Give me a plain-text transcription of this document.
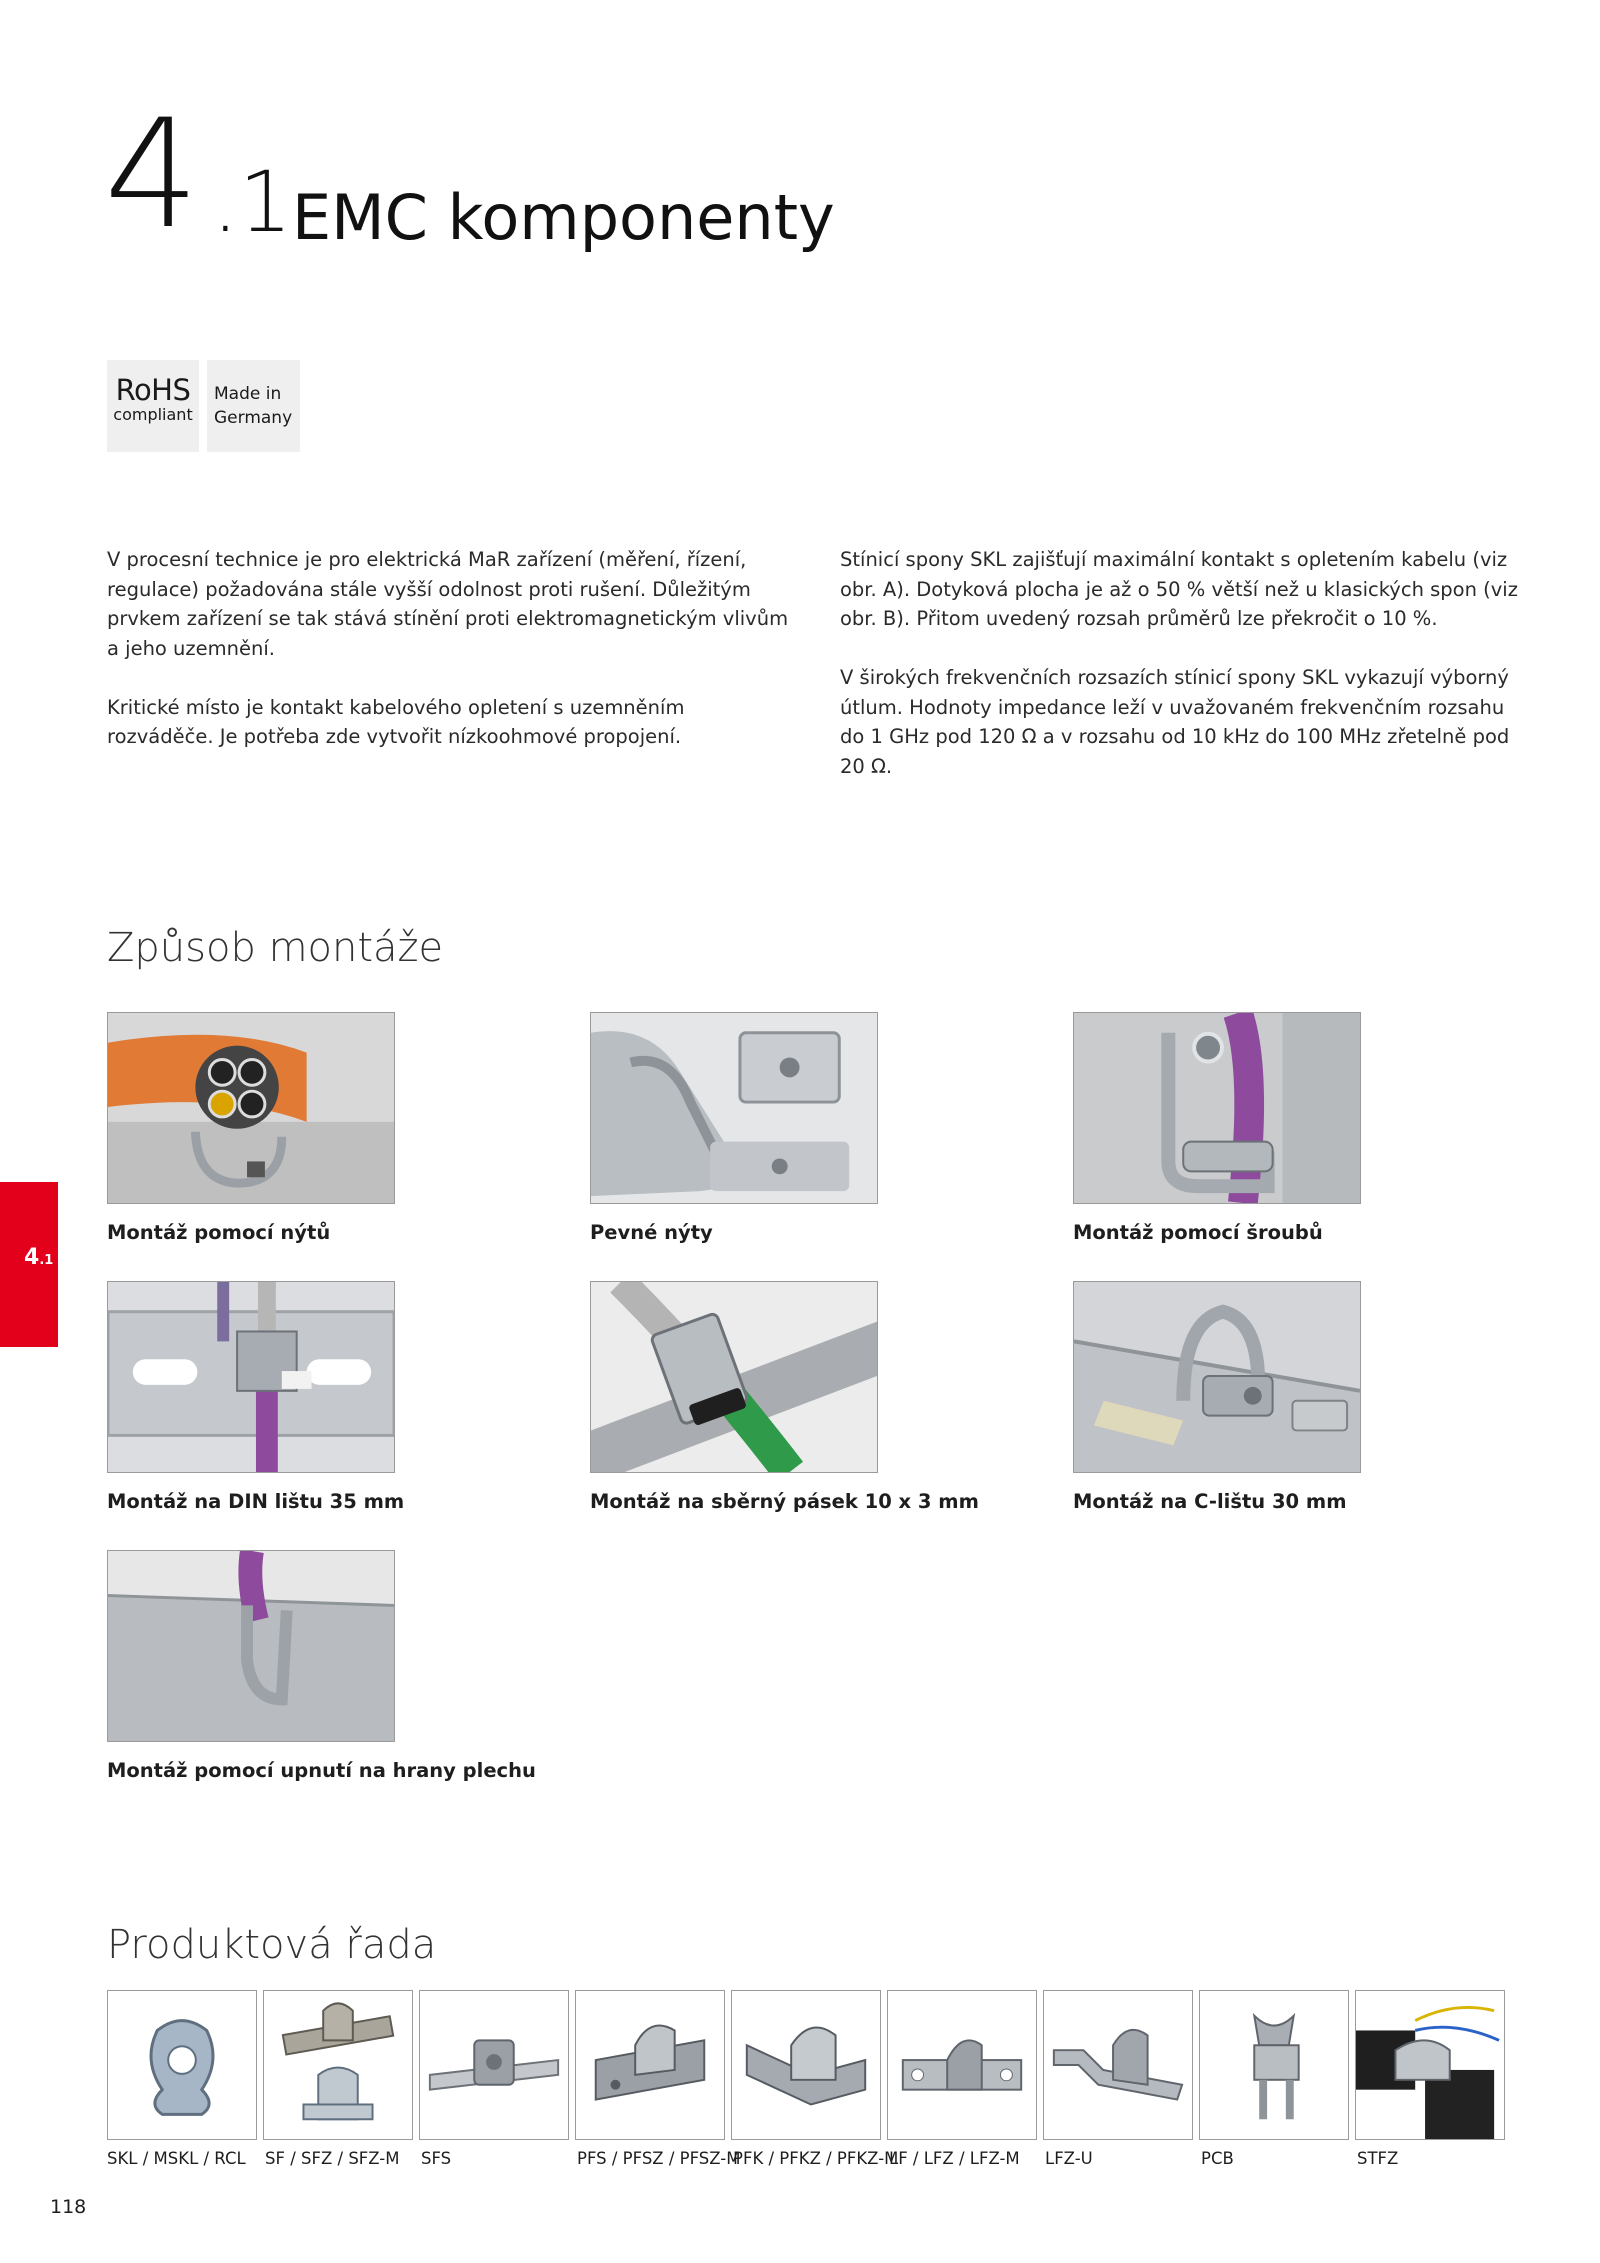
4 .1 EMC komponenty
RoHS
compliant
Made in
Germany

V procesní technice je pro elektrická MaR zařízení (měření, řízení, regulace) požadována stále vyšší odolnost proti rušení. Důležitým prvkem zařízení se tak stává stínění proti elektromagnetickým vlivům a jeho uzemnění.

Kritické místo je kontakt kabelového opletení s uzemněním rozváděče. Je potřeba zde vytvořit nízkoohmové propojení.

Stínicí spony SKL zajišťují maximální kontakt s opletením kabelu (viz obr. A). Dotyková plocha je až o 50 % větší než u klasických spon (viz obr. B). Přitom uvedený rozsah průměrů lze překročit o 10 %.

V širokých frekvenčních rozsazích stínicí spony SKL vykazují výborný útlum. Hodnoty impedance leží v uvažovaném frekvenčním rozsahu do 1 GHz pod 120 Ω a v rozsahu od 10 kHz do 100 MHz zřetelně pod 20 Ω.

Způsob montáže
Montáž pomocí nýtů	Pevné nýty	Montáž pomocí šroubů
Montáž na DIN lištu 35 mm	Montáž na sběrný pásek 10 x 3 mm	Montáž na C-lištu 30 mm
Montáž pomocí upnutí na hrany plechu
4.1
Produktová řada
SKL / MSKL / RCL SF / SFZ / SFZ-M SFS	PFS / PFSZ / PFSZ-M
PFK / PFKZ / PFKZ-M
LF / LFZ / LFZ-M LFZ-U	PCB	STFZ
118
